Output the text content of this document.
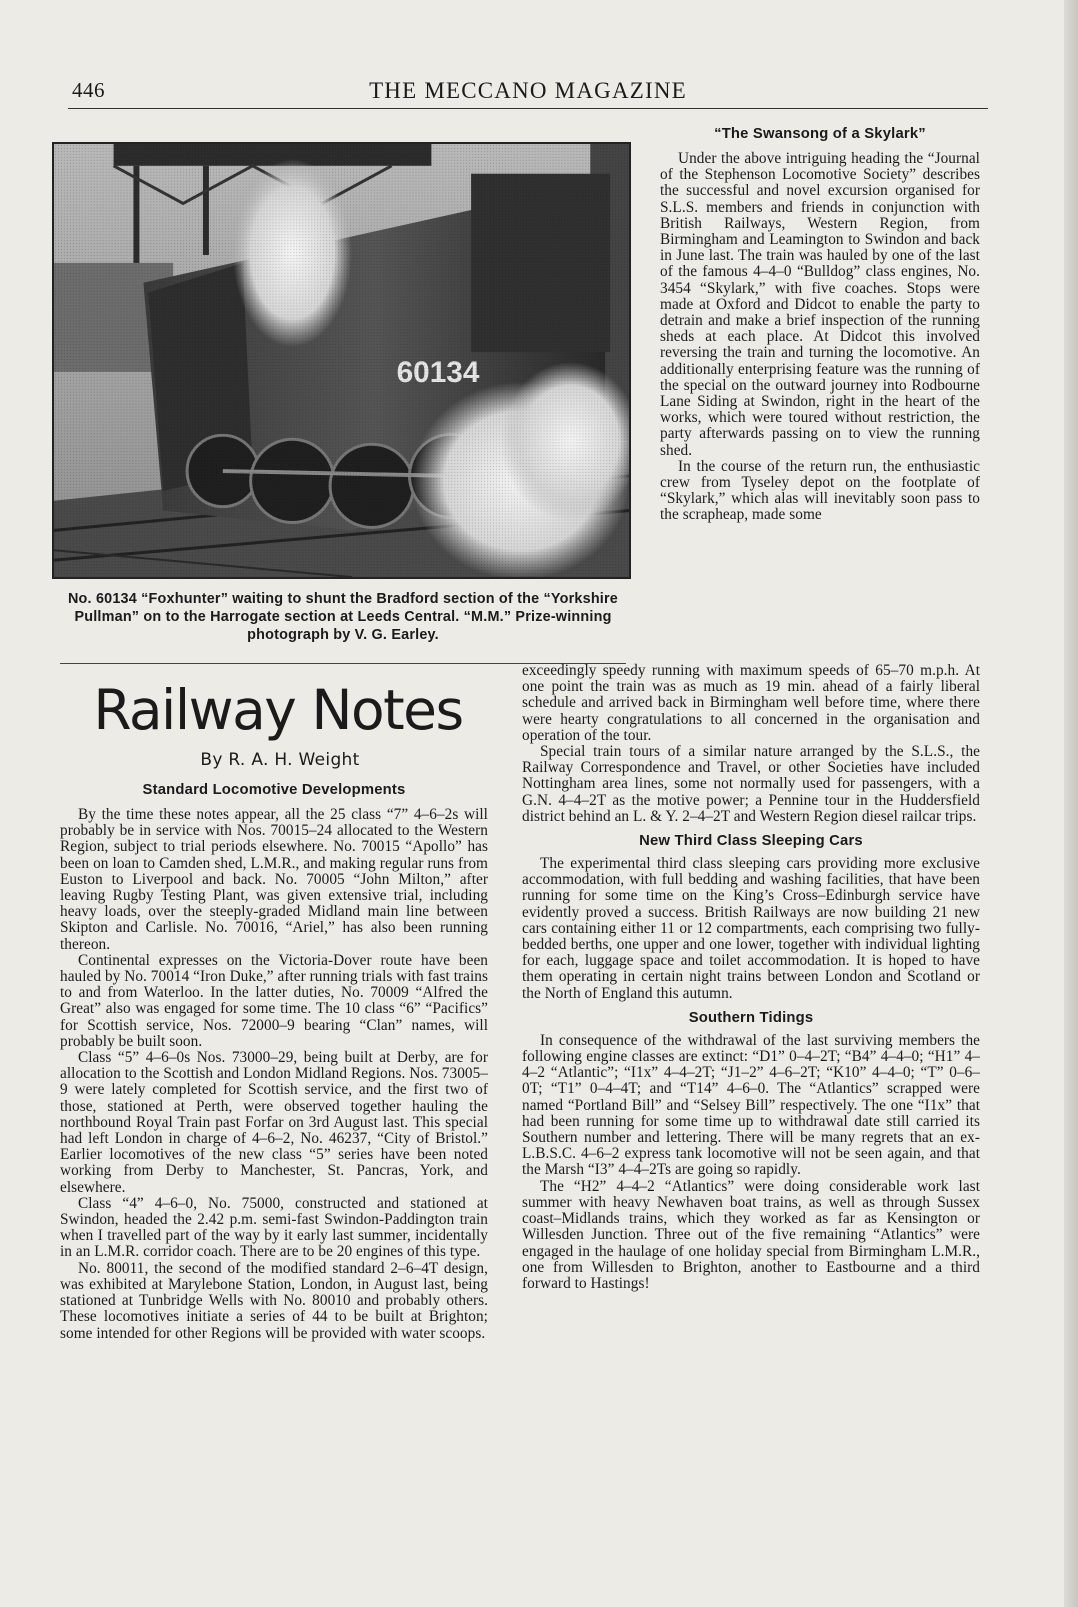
446	THE MECCANO MAGAZINE
No. 60134 “Foxhunter” waiting to shunt the Bradford section of the “Yorkshire Pullman” on to the Harrogate section at Leeds Central. “M.M.” Prize-winning photograph by V. G. Earley.
Railway Notes
By R. A. H. Weight
Standard Locomotive Developments

By the time these notes appear, all the 25 class “7” 4–6–2s will probably be in service with Nos. 70015–24 allocated to the Western Region, subject to trial periods elsewhere. No. 70015 “Apollo” has been on loan to Camden shed, L.M.R., and making regular runs from Euston to Liverpool and back. No. 70005 “John Milton,” after leaving Rugby Testing Plant, was given extensive trial, including heavy loads, over the steeply-graded Midland main line between Skipton and Carlisle. No. 70016, “Ariel,” has also been running thereon.

Continental expresses on the Victoria-Dover route have been hauled by No. 70014 “Iron Duke,” after running trials with fast trains to and from Waterloo. In the latter duties, No. 70009 “Alfred the Great” also was engaged for some time. The 10 class “6” “Pacifics” for Scottish service, Nos. 72000–9 bearing “Clan” names, will probably be built soon.

Class “5” 4–6–0s Nos. 73000–29, being built at Derby, are for allocation to the Scottish and London Midland Regions. Nos. 73005–9 were lately completed for Scottish service, and the first two of those, stationed at Perth, were observed together hauling the northbound Royal Train past Forfar on 3rd August last. This special had left London in charge of 4–6–2, No. 46237, “City of Bristol.” Earlier locomotives of the new class “5” series have been noted working from Derby to Manchester, St. Pancras, York, and elsewhere.

Class “4” 4–6–0, No. 75000, constructed and stationed at Swindon, headed the 2.42 p.m. semi-fast Swindon-Paddington train when I travelled part of the way by it early last summer, incidentally in an L.M.R. corridor coach. There are to be 20 engines of this type.

No. 80011, the second of the modified standard 2–6–4T design, was exhibited at Marylebone Station, London, in August last, being stationed at Tunbridge Wells with No. 80010 and probably others. These locomotives initiate a series of 44 to be built at Brighton; some intended for other Regions will be provided with water scoops.

“The Swansong of a Skylark”

Under the above intriguing heading the “Journal of the Stephenson Locomotive Society” describes the successful and novel excursion organised for S.L.S. members and friends in conjunction with British Railways, Western Region, from Birmingham and Leamington to Swindon and back in June last. The train was hauled by one of the last of the famous 4–4–0 “Bulldog” class engines, No. 3454 “Skylark,” with five coaches. Stops were made at Oxford and Didcot to enable the party to detrain and make a brief inspection of the running sheds at each place. At Didcot this involved reversing the train and turning the locomotive. An additionally enterprising feature was the running of the special on the outward journey into Rodbourne Lane Siding at Swindon, right in the heart of the works, which were toured without restriction, the party afterwards passing on to view the running shed.

In the course of the return run, the enthusiastic crew from Tyseley depot on the footplate of “Skylark,” which alas will inevitably soon pass to the scrapheap, made some

exceedingly speedy running with maximum speeds of 65–70 m.p.h. At one point the train was as much as 19 min. ahead of a fairly liberal schedule and arrived back in Birmingham well before time, where there were hearty congratulations to all concerned in the organisation and operation of the tour.

Special train tours of a similar nature arranged by the S.L.S., the Railway Correspondence and Travel, or other Societies have included Nottingham area lines, some not normally used for passengers, with a G.N. 4–4–2T as the motive power; a Pennine tour in the Huddersfield district behind an L. & Y. 2–4–2T and Western Region diesel railcar trips.

New Third Class Sleeping Cars

The experimental third class sleeping cars providing more exclusive accommodation, with full bedding and washing facilities, that have been running for some time on the King’s Cross–Edinburgh service have evidently proved a success. British Railways are now building 21 new cars containing either 11 or 12 compartments, each comprising two fully-bedded berths, one upper and one lower, together with individual lighting for each, luggage space and toilet accommodation. It is hoped to have them operating in certain night trains between London and Scotland or the North of England this autumn.

Southern Tidings

In consequence of the withdrawal of the last surviving members the following engine classes are extinct: “D1” 0–4–2T; “B4” 4–4–0; “H1” 4–4–2 “Atlantic”; “I1x” 4–4–2T; “J1–2” 4–6–2T; “K10” 4–4–0; “T” 0–6–0T; “T1” 0–4–4T; and “T14” 4–6–0. The “Atlantics” scrapped were named “Portland Bill” and “Selsey Bill” respectively. The one “I1x” that had been running for some time up to withdrawal date still carried its Southern number and lettering. There will be many regrets that an ex-L.B.S.C. 4–6–2 express tank locomotive will not be seen again, and that the Marsh “I3” 4–4–2Ts are going so rapidly.

The “H2” 4–4–2 “Atlantics” were doing considerable work last summer with heavy Newhaven boat trains, as well as through Sussex coast–Midlands trains, which they worked as far as Kensington or Willesden Junction. Three out of the five remaining “Atlantics” were engaged in the haulage of one holiday special from Birmingham L.M.R., one from Willesden to Brighton, another to Eastbourne and a third forward to Hastings!
